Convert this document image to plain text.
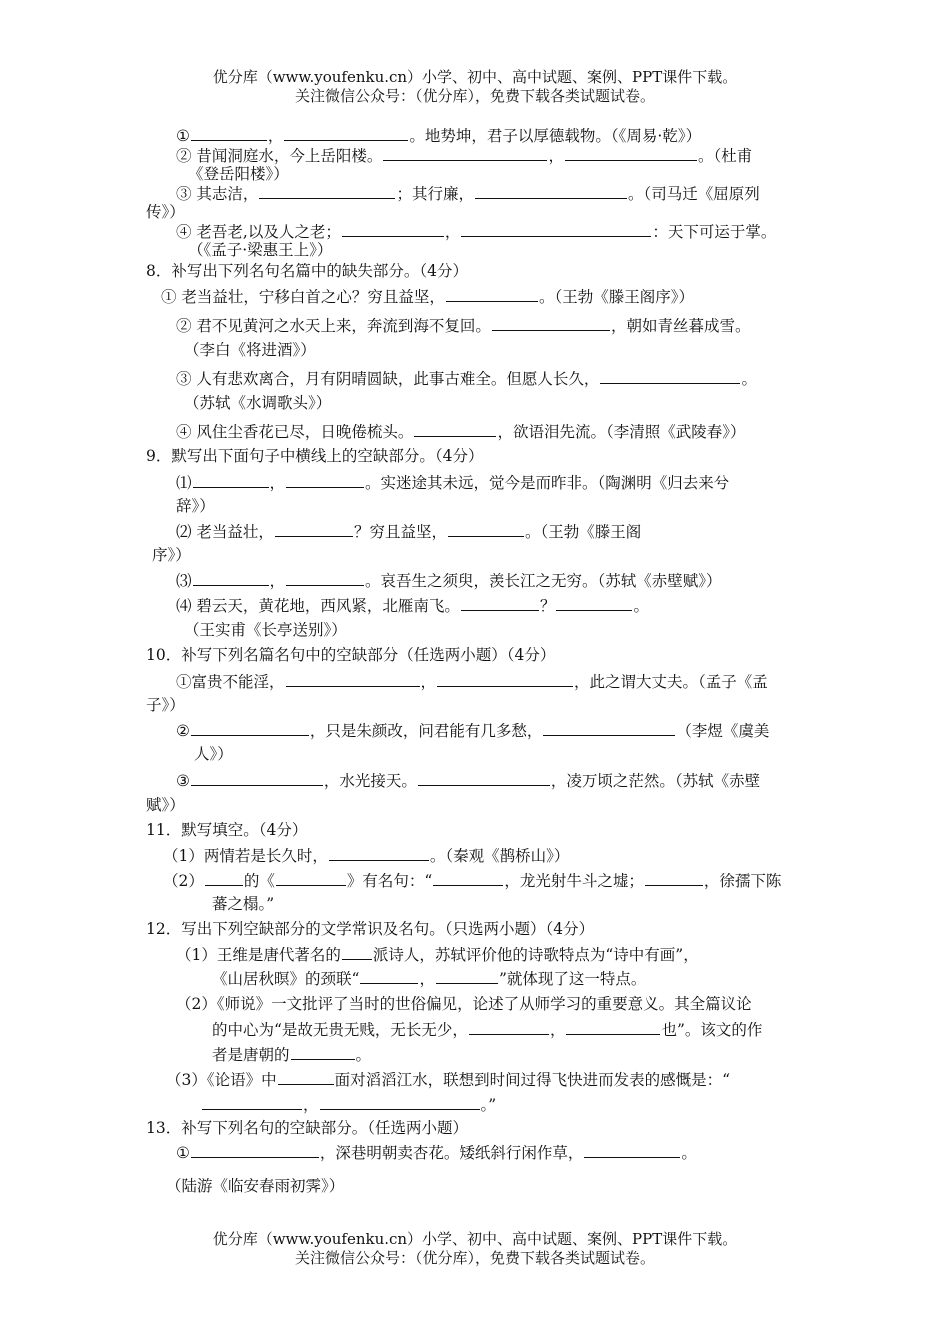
优分库（www.youfenku.cn）小学、初中、高中试题、案例、PPT课件下载。
关注微信公众号：（优分库），免费下载各类试题试卷。
①	，	。地势坤，君子以厚德载物。（《周易·乾》）
② 昔闻洞庭水，今上岳阳楼。	，	。（杜甫
《登岳阳楼》）
③ 其志洁，	；其行廉，	。（司马迁《屈原列
传》）
④ 老吾老,以及人之老；	，	：天下可运于掌。
（《孟子·梁惠王上》）
8．补写出下列名句名篇中的缺失部分。（4分）
① 老当益壮，宁移白首之心？穷且益坚，	。（王勃《滕王阁序》）
② 君不见黄河之水天上来，奔流到海不复回。	，朝如青丝暮成雪。
（李白《将进酒》）
③ 人有悲欢离合，月有阴晴圆缺，此事古难全。但愿人长久，	。
（苏轼《水调歌头》）
④ 风住尘香花已尽，日晚倦梳头。	，欲语泪先流。（李清照《武陵春》）
9．默写出下面句子中横线上的空缺部分。（4分）
⑴	，	。实迷途其未远，觉今是而昨非。（陶渊明《归去来兮
辞》）
⑵ 老当益壮，	？穷且益坚，	。（王勃《滕王阁
序》）
⑶	，	。哀吾生之须臾，羡长江之无穷。（苏轼《赤壁赋》）
⑷ 碧云天，黄花地，西风紧，北雁南飞。	？	。
（王实甫《长亭送别》）
10．补写下列名篇名句中的空缺部分（任选两小题）（4分）
①富贵不能淫，	，	，此之谓大丈夫。（孟子《孟
子》）
②	，只是朱颜改，问君能有几多愁，	（李煜《虞美
人》）
③	，水光接天。	，凌万顷之茫然。（苏轼《赤壁
赋》）
11．默写填空。（4分）
（1）两情若是长久时，	。（秦观《鹊桥山》）
（2）	的《	》有名句：“	，龙光射牛斗之墟；	，徐孺下陈
蕃之榻。”
12．写出下列空缺部分的文学常识及名句。（只选两小题）（4分）
（1）王维是唐代著名的 派诗人，苏轼评价他的诗歌特点为“诗中有画”，
《山居秋暝》的颈联“	，	”就体现了这一特点。
（2）《师说》一文批评了当时的世俗偏见，论述了从师学习的重要意义。其全篇议论
的中心为“是故无贵无贱，无长无少，	，	也”。该文的作
者是唐朝的	。
（3）《论语》中	面对滔滔江水，联想到时间过得飞快进而发表的感慨是：“
，	。”
13．补写下列名句的空缺部分。（任选两小题）
①	，深巷明朝卖杏花。矮纸斜行闲作草，	。
（陆游《临安春雨初霁》）
优分库（www.youfenku.cn）小学、初中、高中试题、案例、PPT课件下载。
关注微信公众号：（优分库），免费下载各类试题试卷。
